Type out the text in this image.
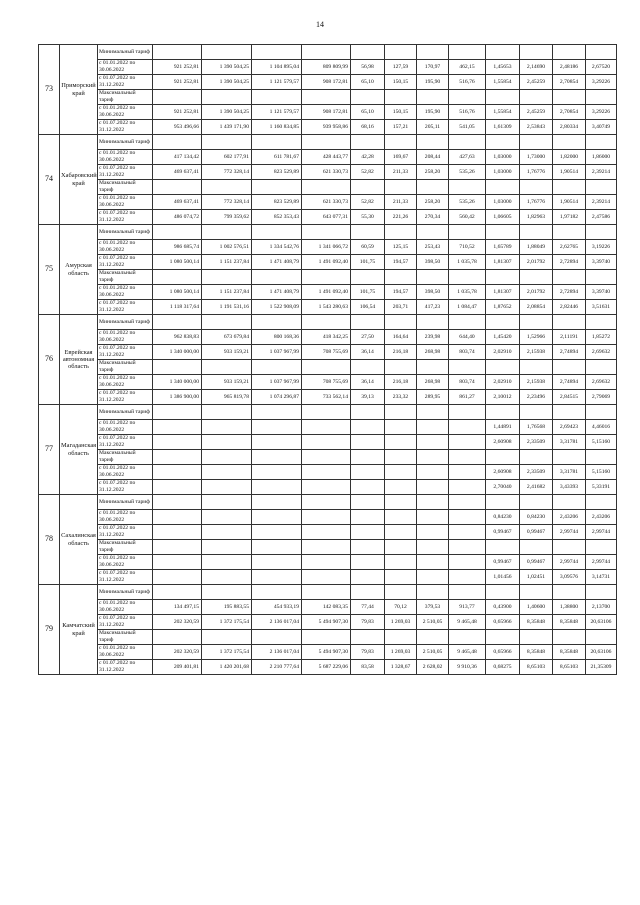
14
73	Приморский край	Минимальный тариф												
		с 01.01.2022 по 30.06.2022	921 252,81	1 390 504,25	1 104 895,04	809 809,99	56,98	127,59	170,97	462,15	1,45653	2,14690	2,48186	2,67520
		с 01.07.2022 по 31.12.2022	921 252,81	1 390 504,25	1 121 579,57	908 172,81	65,10	150,15	195,90	516,76	1,55854	2,45259	2,70854	3,29226
		Максимальный тариф												
		с 01.01.2022 по 30.06.2022	921 252,81	1 390 504,25	1 121 579,57	908 172,81	65,10	150,15	195,90	516,76	1,55854	2,45259	2,70854	3,29226
		с 01.07.2022 по 31.12.2022	953 496,66	1 439 171,90	1 160 834,85	939 958,86	68,16	157,21	205,11	541,05	1,61309	2,53843	2,80334	3,40749
74	Хабаровский край	Минимальный тариф												
		с 01.01.2022 по 30.06.2022	417 134,42	602 177,91	611 781,67	428 443,77	42,28	169,67	208,44	427,63	1,03000	1,73000	1,82000	1,86000
		с 01.07.2022 по 31.12.2022	469 637,41	772 328,14	823 529,89	621 330,73	52,82	211,33	258,20	535,26	1,03000	1,76776	1,90514	2,39214
		Максимальный тариф												
		с 01.01.2022 по 30.06.2022	469 637,41	772 328,14	823 529,89	621 330,73	52,82	211,33	258,20	535,26	1,03000	1,76776	1,90514	2,39214
		с 01.07.2022 по 31.12.2022	486 074,72	799 359,62	852 353,43	643 077,31	55,30	221,26	270,34	560,42	1,06605	1,82963	1,97182	2,47586
75	Амурская область	Минимальный тариф												
		с 01.01.2022 по 30.06.2022	986 685,74	1 002 576,51	1 334 542,76	1 341 066,72	60,59	125,15	253,43	710,52	1,65789	1,88049	2,62765	3,19226
		с 01.07.2022 по 31.12.2022	1 080 500,14	1 151 237,84	1 471 408,79	1 491 092,40	101,75	194,57	398,50	1 035,78	1,81307	2,01792	2,72894	3,39740
		Максимальный тариф												
		с 01.01.2022 по 30.06.2022	1 080 500,14	1 151 237,84	1 471 408,79	1 491 092,40	101,75	194,57	398,50	1 035,78	1,81307	2,01792	2,72894	3,39740
		с 01.07.2022 по 31.12.2022	1 118 317,64	1 191 531,16	1 522 908,09	1 543 280,63	106,54	203,71	417,23	1 084,47	1,87652	2,08854	2,82446	3,51631
76	Еврейская автономная область	Минимальный тариф												
		с 01.01.2022 по 30.06.2022	962 838,83	673 679,84	800 168,36	418 342,25	27,50	164,64	239,98	644,40	1,45420	1,52966	2,11191	1,85272
		с 01.07.2022 по 31.12.2022	1 340 000,00	933 159,21	1 037 967,99	708 755,69	36,14	216,18	268,98	803,74	2,02910	2,15938	2,74894	2,69632
		Максимальный тариф												
		с 01.01.2022 по 30.06.2022	1 340 000,00	933 159,21	1 037 967,99	708 755,69	36,14	216,18	268,98	803,74	2,02910	2,15938	2,74894	2,69632
		с 01.07.2022 по 31.12.2022	1 386 900,00	965 819,78	1 074 296,87	733 562,14	39,13	233,32	289,95	861,27	2,10012	2,23496	2,84515	2,79069
77	Магаданская область	Минимальный тариф												
		с 01.01.2022 по 30.06.2022									1,44891	1,76568	2,69423	4,46016
		с 01.07.2022 по 31.12.2022									2,60908	2,33509	3,31781	5,15160
		Максимальный тариф												
		с 01.01.2022 по 30.06.2022									2,60908	2,33509	3,31781	5,15160
		с 01.07.2022 по 31.12.2022									2,70040	2,41682	3,43393	5,33191
78	Сахалинская область	Минимальный тариф												
		с 01.01.2022 по 30.06.2022									0,84230	0,84230	2,43206	2,43206
		с 01.07.2022 по 31.12.2022									0,99467	0,99467	2,99744	2,99744
		Максимальный тариф												
		с 01.01.2022 по 30.06.2022									0,99467	0,99467	2,99744	2,99744
		с 01.07.2022 по 31.12.2022									1,01456	1,02451	3,09576	3,14731
79	Камчатский край	Минимальный тариф												
		с 01.01.2022 по 30.06.2022	134 497,15	195 883,55	454 933,19	142 083,35	77,44	70,12	379,53	913,77	0,43900	1,40600	1,38800	2,13700
		с 01.07.2022 по 31.12.2022	202 320,59	1 372 175,54	2 136 017,04	5 494 907,30	79,83	1 269,03	2 510,05	9 465,48	0,65966	8,35848	8,35848	20,63106
		Максимальный тариф												
		с 01.01.2022 по 30.06.2022	202 320,59	1 372 175,54	2 136 017,04	5 494 907,30	79,83	1 269,03	2 510,05	9 465,48	0,65966	8,35848	8,35848	20,63106
		с 01.07.2022 по 31.12.2022	209 401,81	1 420 201,68	2 210 777,64	5 687 229,06	83,58	1 328,67	2 628,02	9 910,36	0,68275	8,65103	8,65103	21,35309
